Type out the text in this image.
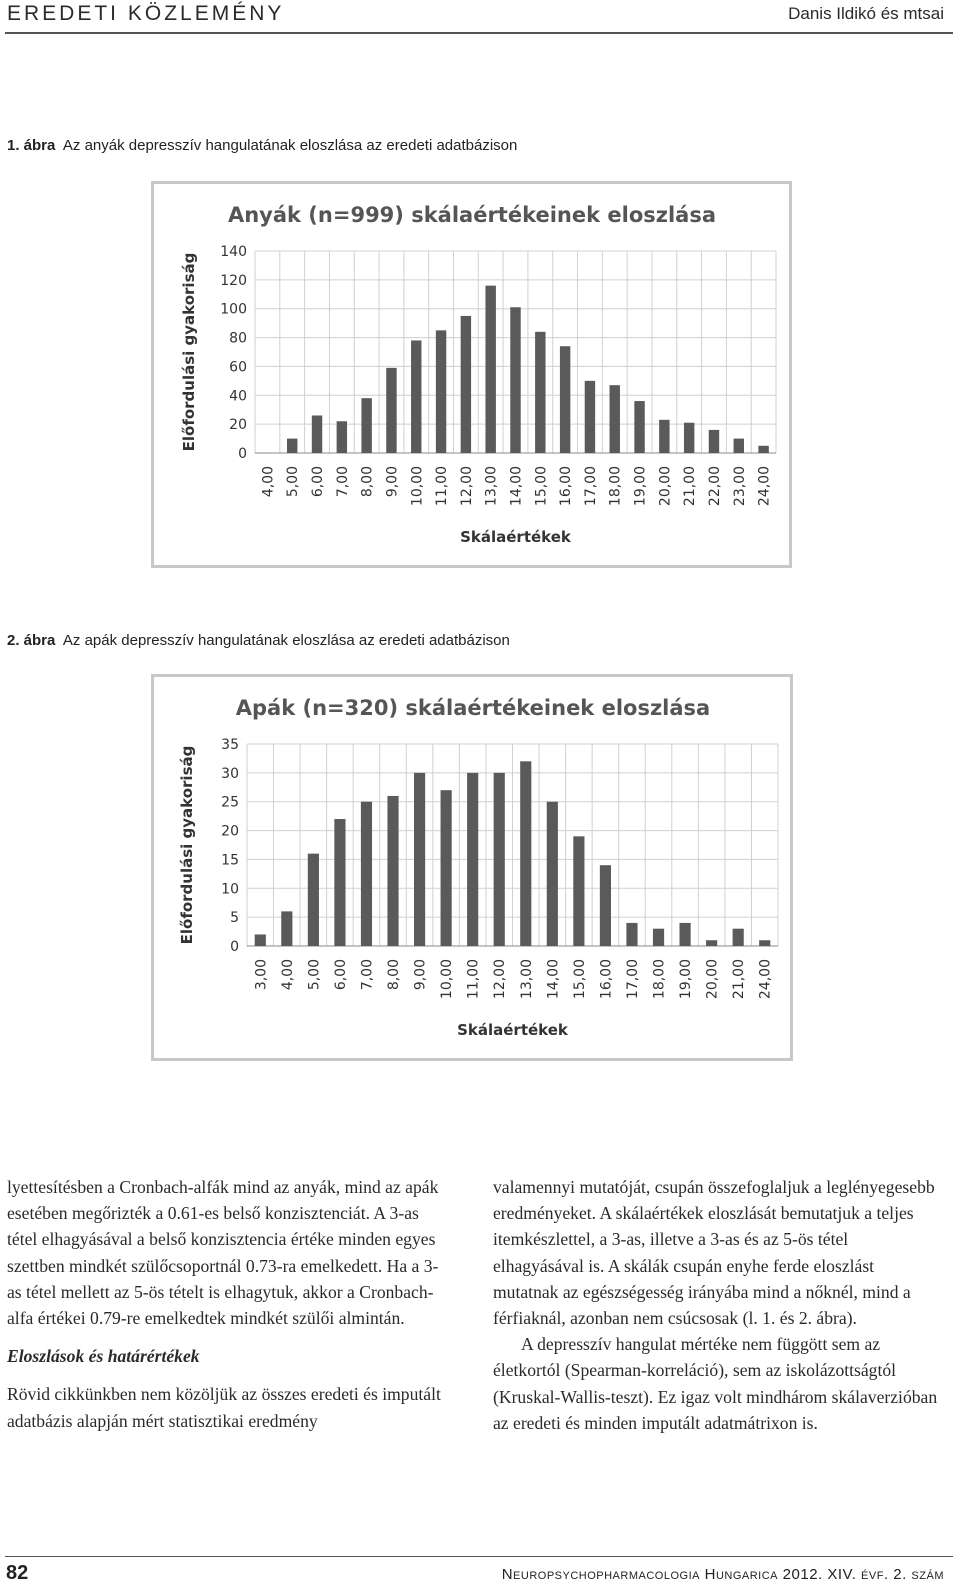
EREDETI KÖZLEMÉNY	Danis Ildikó és mtsai
1. ábra Az anyák depresszív hangulatának eloszlása az eredeti adatbázison
Anyák (n=999) skálaértékeinek eloszlása
0
20
40
60
80
100
120
140
4,00 5,00 6,00 7,00 8,00 9,00 10,00 11,00 12,00 13,00 14,00 15,00 16,00 17,00 18,00 19,00 20,00 21,00 22,00 23,00 24,00
Előfordulási gyakoriság
Skálaértékek
2. ábra Az apák depresszív hangulatának eloszlása az eredeti adatbázison
Apák (n=320) skálaértékeinek eloszlása
0
5
10
15
20
25
30
35
3,00 4,00 5,00 6,00 7,00 8,00 9,00 10,00 11,00 12,00 13,00 14,00 15,00 16,00 17,00 18,00 19,00 20,00 21,00 24,00
Előfordulási gyakoriság
Skálaértékek

lyettesítésben a Cronbach-alfák mind az anyák, mind az apák esetében megőrizték a 0.61-es belső konzisztenciát. A 3-as tétel elhagyásával a belső konzisztencia értéke minden egyes szettben mindkét szülőcsoportnál 0.73-ra emelkedett. Ha a 3-as tétel mellett az 5-ös tételt is elhagytuk, akkor a Cronbach-alfa értékei 0.79-re emelkedtek mindkét szülői almintán.

Eloszlások és határértékek

Rövid cikkünkben nem közöljük az összes eredeti és imputált adatbázis alapján mért statisztikai eredmény

valamennyi mutatóját, csupán összefoglaljuk a leglényegesebb eredményeket. A skálaértékek eloszlását bemutatjuk a teljes itemkészlettel, a 3-as, illetve a 3-as és az 5-ös tétel elhagyásával is. A skálák csupán enyhe ferde eloszlást mutatnak az egészségesség irányába mind a nőknél, mind a férfiaknál, azonban nem csúcsosak (l. 1. és 2. ábra).

A depresszív hangulat mértéke nem függött sem az életkortól (Spearman-korreláció), sem az iskolázottságtól (Kruskal-Wallis-teszt). Ez igaz volt mindhárom skálaverzióban az eredeti és minden imputált adatmátrixon is.

82	Neuropsychopharmacologia Hungarica 2012. XIV. évf. 2. szám
